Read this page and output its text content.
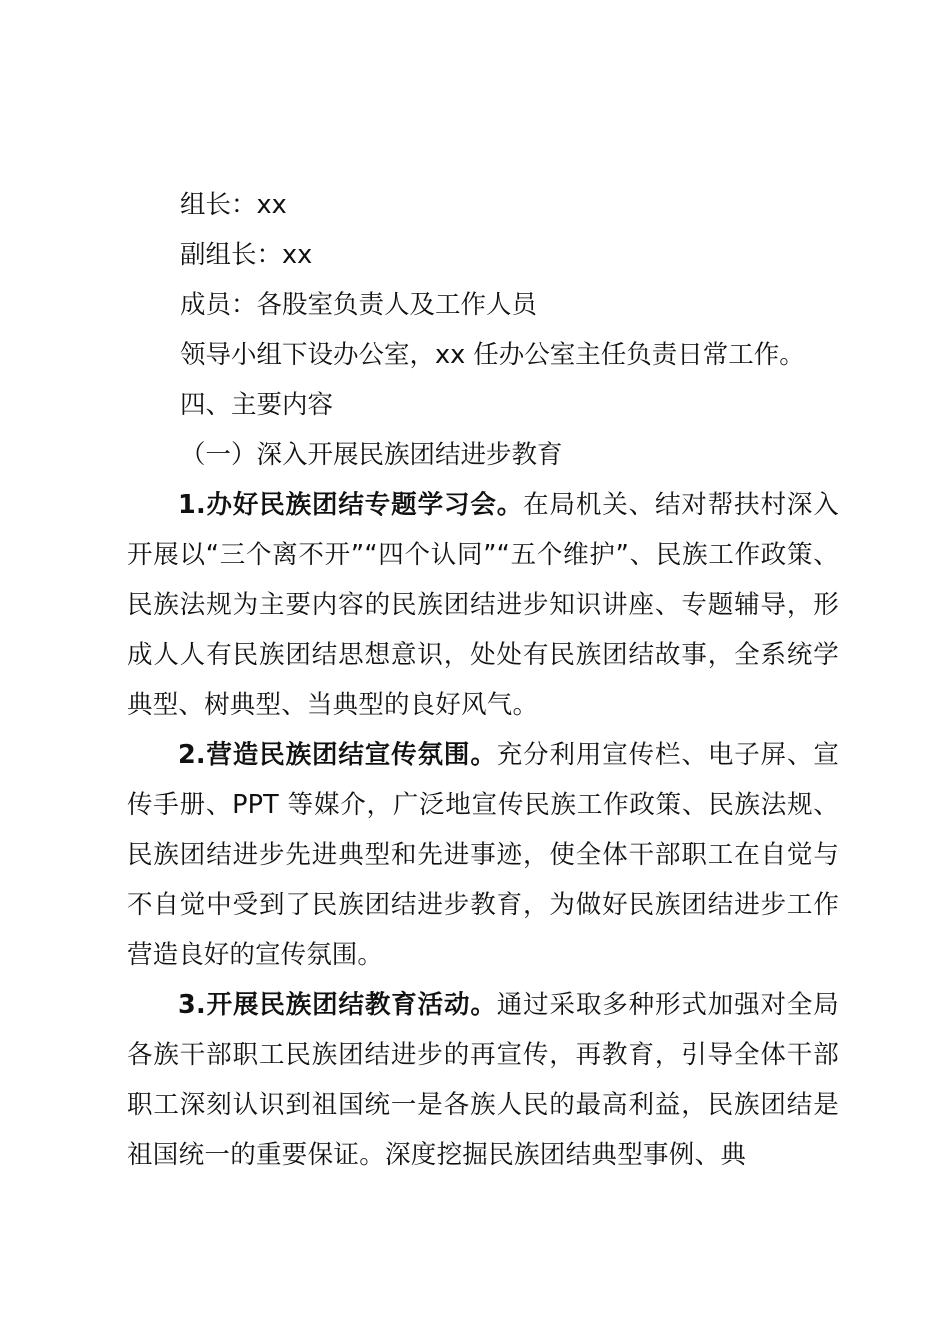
组长：xx
副组长：xx
成员：各股室负责人及工作人员
领导小组下设办公室，xx 任办公室主任负责日常工作。
四、主要内容
（一）深入开展民族团结进步教育

1.办好民族团结专题学习会。在局机关、结对帮扶村深入开展以“三个离不开”“四个认同”“五个维护”、民族工作政策、民族法规为主要内容的民族团结进步知识讲座、专题辅导，形成人人有民族团结思想意识，处处有民族团结故事，全系统学典型、树典型、当典型的良好风气。

2.营造民族团结宣传氛围。充分利用宣传栏、电子屏、宣传手册、PPT 等媒介，广泛地宣传民族工作政策、民族法规、民族团结进步先进典型和先进事迹，使全体干部职工在自觉与不自觉中受到了民族团结进步教育，为做好民族团结进步工作营造良好的宣传氛围。

3.开展民族团结教育活动。通过采取多种形式加强对全局各族干部职工民族团结进步的再宣传，再教育，引导全体干部职工深刻认识到祖国统一是各族人民的最高利益，民族团结是祖国统一的重要保证。深度挖掘民族团结典型事例、典
